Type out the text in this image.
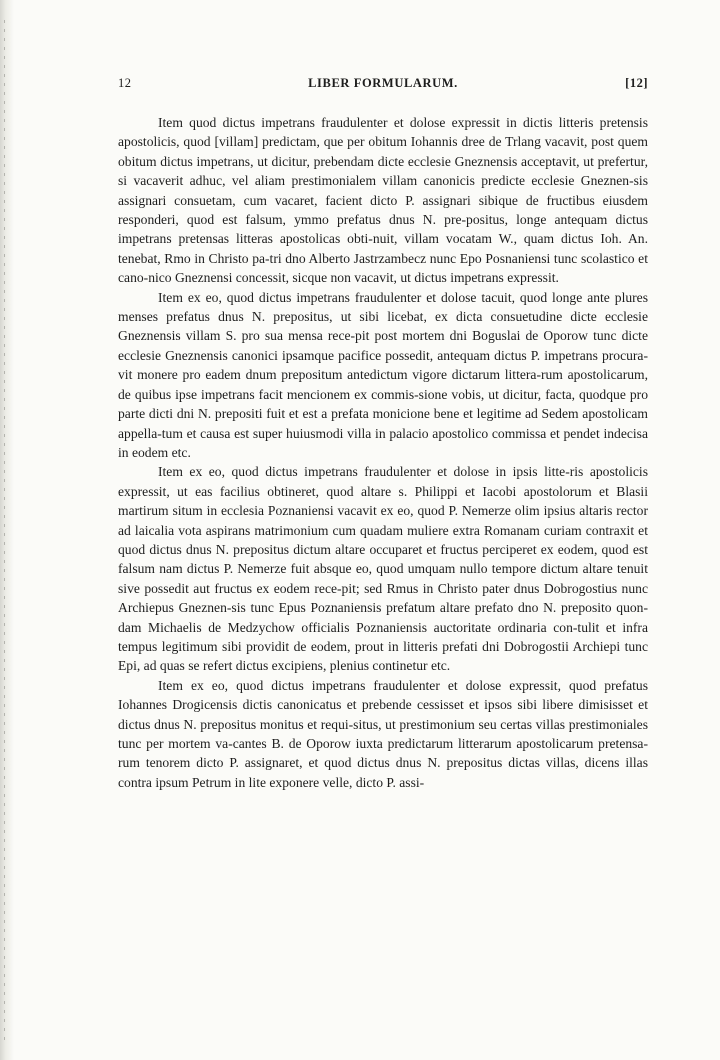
12	LIBER FORMULARUM.	[12]

Item quod dictus impetrans fraudulenter et dolose expressit in dictis litteris pretensis apostolicis, quod [villam] predictam, que per obitum Iohannis dree de Trlang vacavit, post quem obitum dictus impetrans, ut dicitur, prebendam dicte ecclesie Gneznensis acceptavit, ut prefertur, si vacaverit adhuc, vel aliam prestimonialem villam canonicis predicte ecclesie Gneznen-sis assignari consuetam, cum vacaret, facient dicto P. assignari sibique de fructibus eiusdem responderi, quod est falsum, ymmo prefatus dnus N. pre-positus, longe antequam dictus impetrans pretensas litteras apostolicas obti-nuit, villam vocatam W., quam dictus Ioh. An. tenebat, Rmo in Christo pa-tri dno Alberto Jastrzambecz nunc Epo Posnaniensi tunc scolastico et cano-nico Gneznensi concessit, sicque non vacavit, ut dictus impetrans expressit.

Item ex eo, quod dictus impetrans fraudulenter et dolose tacuit, quod longe ante plures menses prefatus dnus N. prepositus, ut sibi licebat, ex dicta consuetudine dicte ecclesie Gneznensis villam S. pro sua mensa rece-pit post mortem dni Boguslai de Oporow tunc dicte ecclesie Gneznensis canonici ipsamque pacifice possedit, antequam dictus P. impetrans procura-vit monere pro eadem dnum prepositum antedictum vigore dictarum littera-rum apostolicarum, de quibus ipse impetrans facit mencionem ex commis-sione vobis, ut dicitur, facta, quodque pro parte dicti dni N. prepositi fuit et est a prefata monicione bene et legitime ad Sedem apostolicam appella-tum et causa est super huiusmodi villa in palacio apostolico commissa et pendet indecisa in eodem etc.

Item ex eo, quod dictus impetrans fraudulenter et dolose in ipsis litte-ris apostolicis expressit, ut eas facilius obtineret, quod altare s. Philippi et Iacobi apostolorum et Blasii martirum situm in ecclesia Poznaniensi vacavit ex eo, quod P. Nemerze olim ipsius altaris rector ad laicalia vota aspirans matrimonium cum quadam muliere extra Romanam curiam contraxit et quod dictus dnus N. prepositus dictum altare occuparet et fructus perciperet ex eodem, quod est falsum nam dictus P. Nemerze fuit absque eo, quod umquam nullo tempore dictum altare tenuit sive possedit aut fructus ex eodem rece-pit; sed Rmus in Christo pater dnus Dobrogostius nunc Archiepus Gneznen-sis tunc Epus Poznaniensis prefatum altare prefato dno N. preposito quon-dam Michaelis de Medzychow officialis Poznaniensis auctoritate ordinaria con-tulit et infra tempus legitimum sibi providit de eodem, prout in litteris prefati dni Dobrogostii Archiepi tunc Epi, ad quas se refert dictus excipiens, plenius continetur etc.

Item ex eo, quod dictus impetrans fraudulenter et dolose expressit, quod prefatus Iohannes Drogicensis dictis canonicatus et prebende cessisset et ipsos sibi libere dimisisset et dictus dnus N. prepositus monitus et requi-situs, ut prestimonium seu certas villas prestimoniales tunc per mortem va-cantes B. de Oporow iuxta predictarum litterarum apostolicarum pretensa-rum tenorem dicto P. assignaret, et quod dictus dnus N. prepositus dictas villas, dicens illas contra ipsum Petrum in lite exponere velle, dicto P. assi-
